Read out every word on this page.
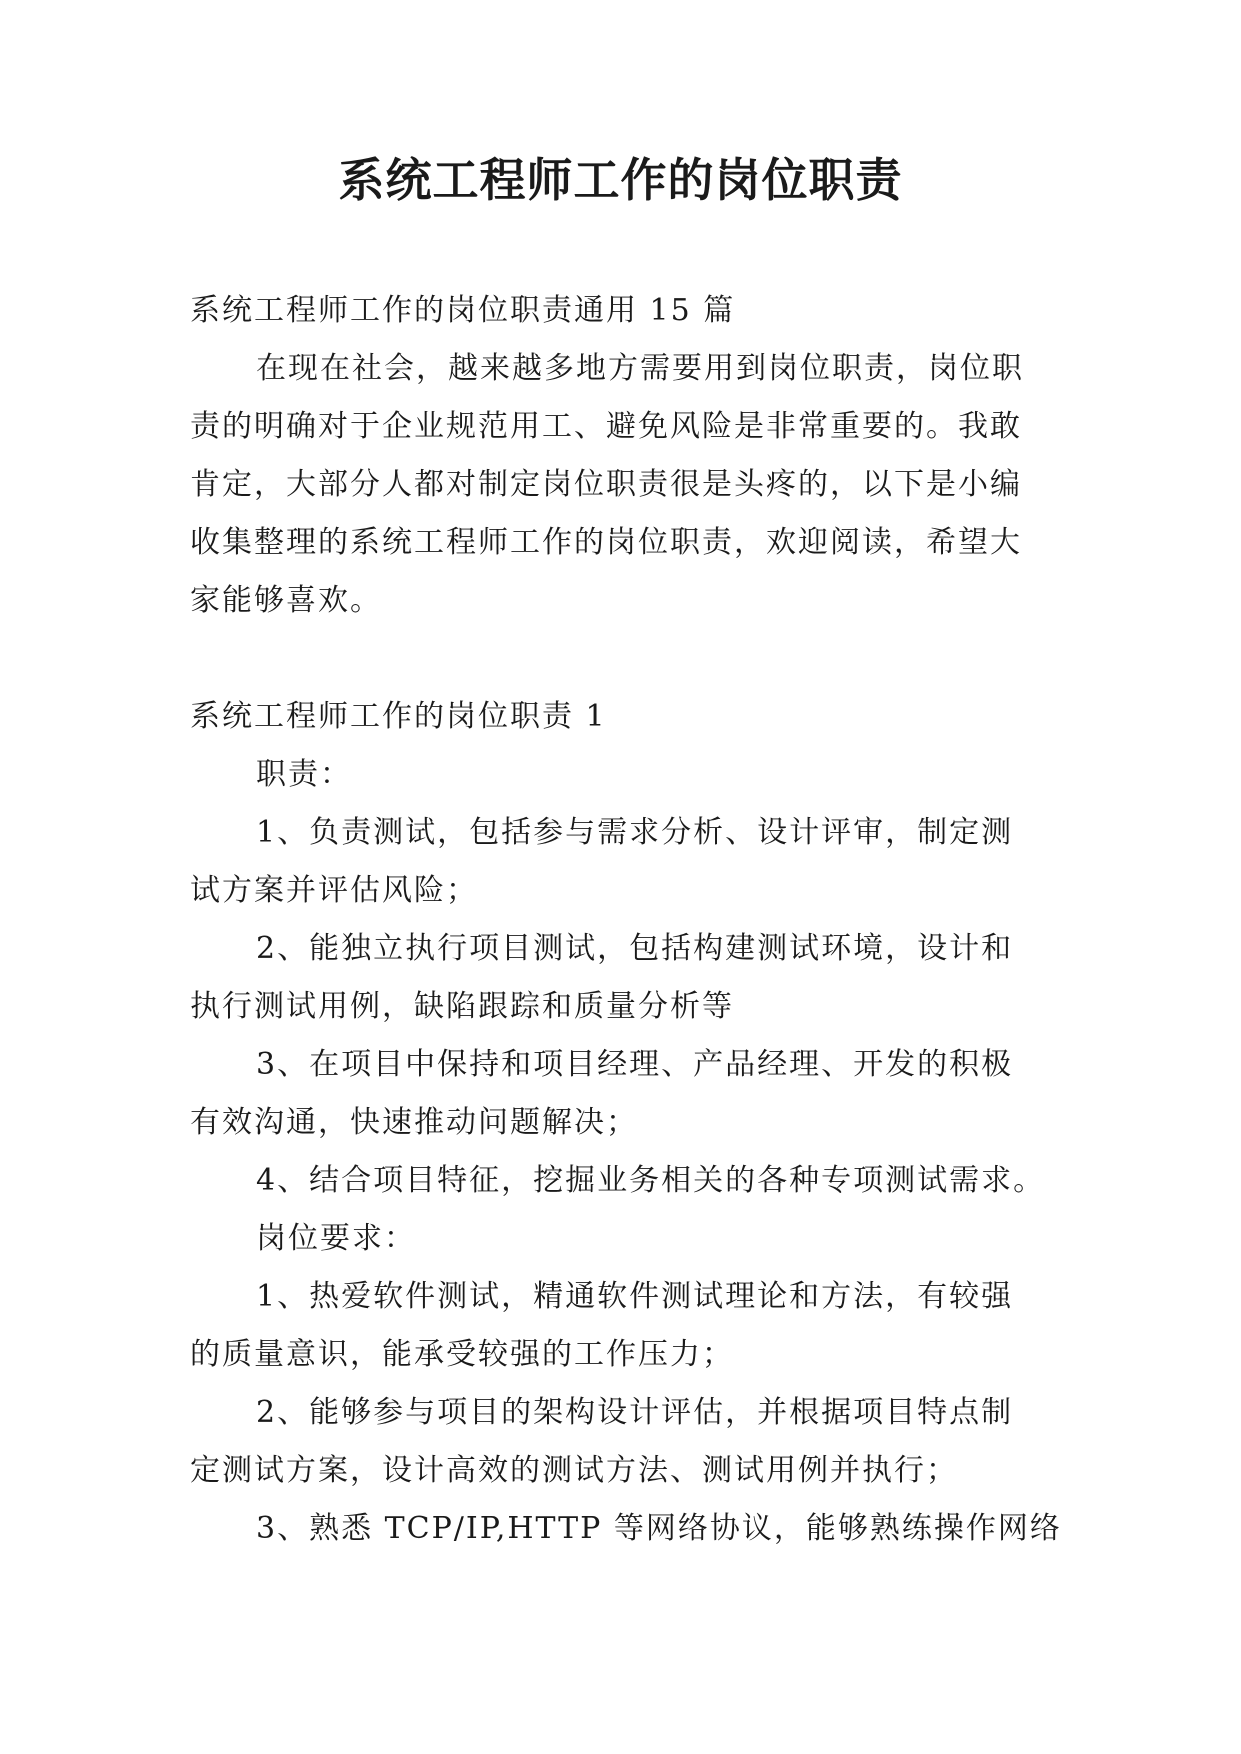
系统工程师工作的岗位职责
系统工程师工作的岗位职责通用 15 篇
在现在社会，越来越多地方需要用到岗位职责，岗位职
责的明确对于企业规范用工、避免风险是非常重要的。我敢
肯定，大部分人都对制定岗位职责很是头疼的，以下是小编
收集整理的系统工程师工作的岗位职责，欢迎阅读，希望大
家能够喜欢。
系统工程师工作的岗位职责 1
职责：
1、负责测试，包括参与需求分析、设计评审，制定测
试方案并评估风险；
2、能独立执行项目测试，包括构建测试环境，设计和
执行测试用例，缺陷跟踪和质量分析等
3、在项目中保持和项目经理、产品经理、开发的积极
有效沟通，快速推动问题解决；
4、结合项目特征，挖掘业务相关的各种专项测试需求。
岗位要求：
1、热爱软件测试，精通软件测试理论和方法，有较强
的质量意识，能承受较强的工作压力；
2、能够参与项目的架构设计评估，并根据项目特点制
定测试方案，设计高效的测试方法、测试用例并执行；
3、熟悉 TCP/IP,HTTP 等网络协议，能够熟练操作网络
